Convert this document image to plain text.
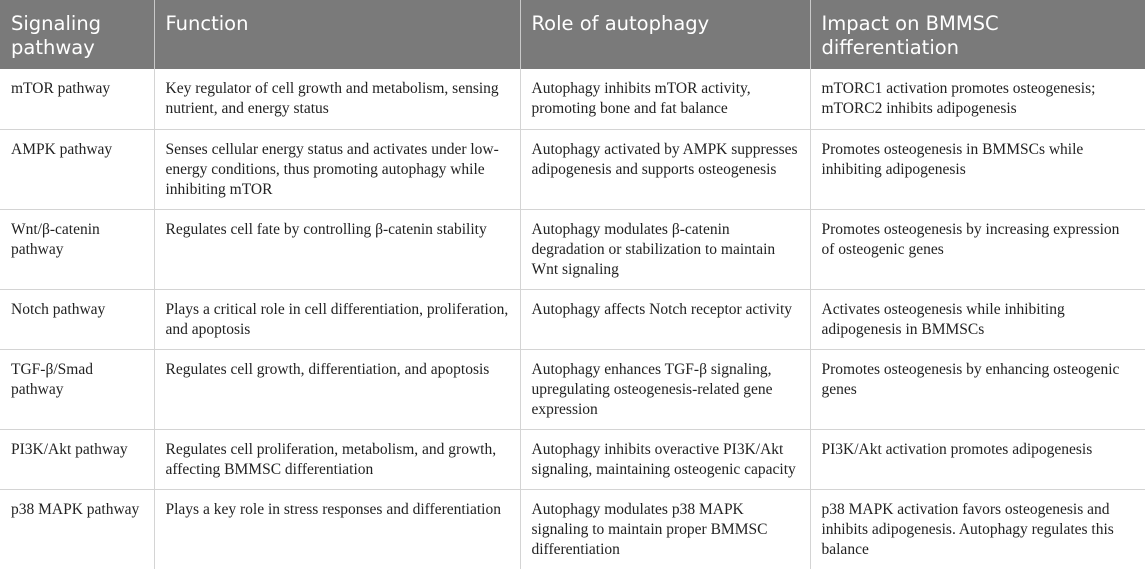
Signaling pathway	Function	Role of autophagy	Impact on BMMSC differentiation
mTOR pathway	Key regulator of cell growth and metabolism, sensing nutrient, and energy status	Autophagy inhibits mTOR activity, promoting bone and fat balance	mTORC1 activation promotes osteogenesis; mTORC2 inhibits adipogenesis
AMPK pathway	Senses cellular energy status and activates under low-energy conditions, thus promoting autophagy while inhibiting mTOR	Autophagy activated by AMPK suppresses adipogenesis and supports osteogenesis	Promotes osteogenesis in BMMSCs while inhibiting adipogenesis
Wnt/β-catenin pathway	Regulates cell fate by controlling β-catenin stability	Autophagy modulates β-catenin degradation or stabilization to maintain Wnt signaling	Promotes osteogenesis by increasing expression of osteogenic genes
Notch pathway	Plays a critical role in cell differentiation, proliferation, and apoptosis	Autophagy affects Notch receptor activity	Activates osteogenesis while inhibiting adipogenesis in BMMSCs
TGF-β/Smad pathway	Regulates cell growth, differentiation, and apoptosis	Autophagy enhances TGF-β signaling, upregulating osteogenesis-related gene expression	Promotes osteogenesis by enhancing osteogenic genes
PI3K/Akt pathway	Regulates cell proliferation, metabolism, and growth, affecting BMMSC differentiation	Autophagy inhibits overactive PI3K/Akt signaling, maintaining osteogenic capacity	PI3K/Akt activation promotes adipogenesis
p38 MAPK pathway	Plays a key role in stress responses and differentiation	Autophagy modulates p38 MAPK signaling to maintain proper BMMSC differentiation	p38 MAPK activation favors osteogenesis and inhibits adipogenesis. Autophagy regulates this balance
